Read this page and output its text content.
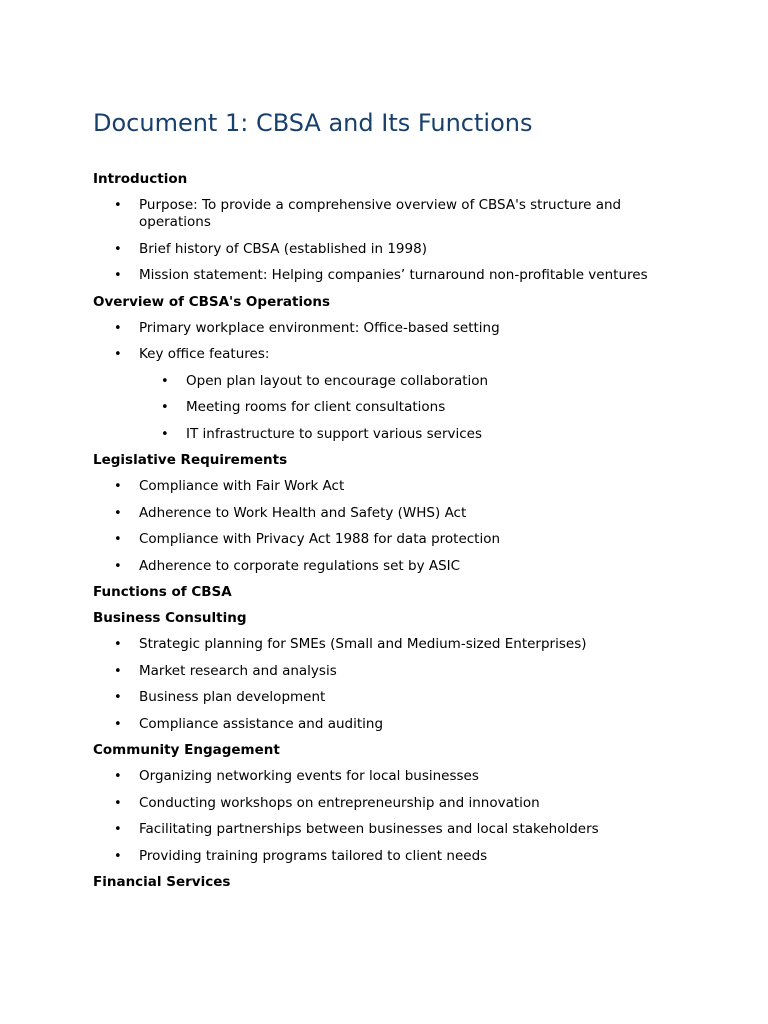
Document 1: CBSA and Its Functions
Introduction
• Purpose: To provide a comprehensive overview of CBSA's structure and operations
• Brief history of CBSA (established in 1998)
• Mission statement: Helping companies’ turnaround non-profitable ventures
Overview of CBSA's Operations
• Primary workplace environment: Office-based setting
• Key office features:
• Open plan layout to encourage collaboration
• Meeting rooms for client consultations
• IT infrastructure to support various services
Legislative Requirements
• Compliance with Fair Work Act
• Adherence to Work Health and Safety (WHS) Act
• Compliance with Privacy Act 1988 for data protection
• Adherence to corporate regulations set by ASIC
Functions of CBSA
Business Consulting
• Strategic planning for SMEs (Small and Medium-sized Enterprises)
• Market research and analysis
• Business plan development
• Compliance assistance and auditing
Community Engagement
• Organizing networking events for local businesses
• Conducting workshops on entrepreneurship and innovation
• Facilitating partnerships between businesses and local stakeholders
• Providing training programs tailored to client needs
Financial Services
